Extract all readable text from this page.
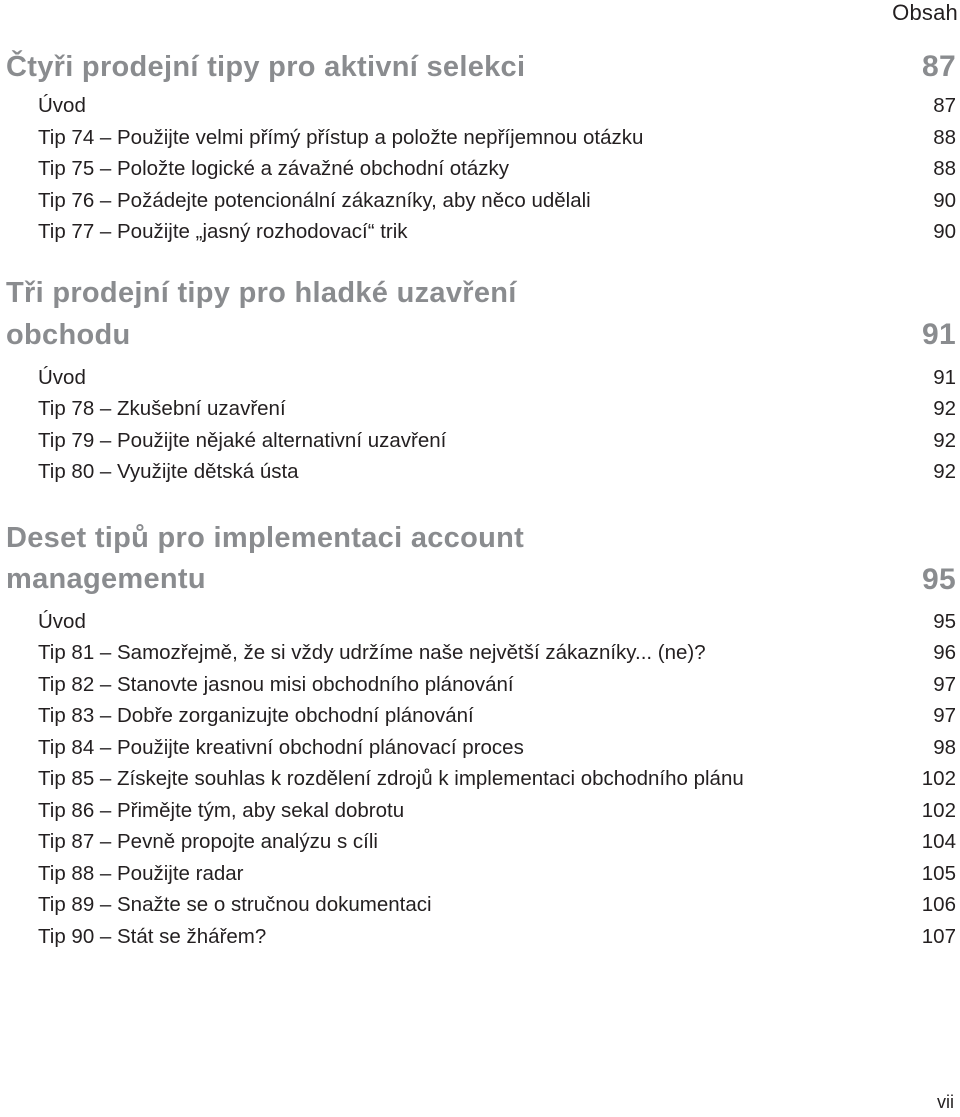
Obsah
Čtyři prodejní tipy pro aktivní selekci	87
Úvod	87
Tip 74 – Použijte velmi přímý přístup a položte nepříjemnou otázku	88
Tip 75 – Položte logické a závažné obchodní otázky	88
Tip 76 – Požádejte potencionální zákazníky, aby něco udělali	90
Tip 77 – Použijte „jasný rozhodovací“ trik	90
Tři prodejní tipy pro hladké uzavření obchodu	91
Úvod	91
Tip 78 – Zkušební uzavření	92
Tip 79 – Použijte nějaké alternativní uzavření	92
Tip 80 – Využijte dětská ústa	92
Deset tipů pro implementaci account
managementu	95
Úvod	95
Tip 81 – Samozřejmě, že si vždy udržíme naše největší zákazníky... (ne)?	96
Tip 82 – Stanovte jasnou misi obchodního plánování	97
Tip 83 – Dobře zorganizujte obchodní plánování	97
Tip 84 – Použijte kreativní obchodní plánovací proces	98
Tip 85 – Získejte souhlas k rozdělení zdrojů k implementaci obchodního plánu	102
Tip 86 – Přimějte tým, aby sekal dobrotu	102
Tip 87 – Pevně propojte analýzu s cíli	104
Tip 88 – Použijte radar	105
Tip 89 – Snažte se o stručnou dokumentaci	106
Tip 90 – Stát se žhářem?	107
vii
